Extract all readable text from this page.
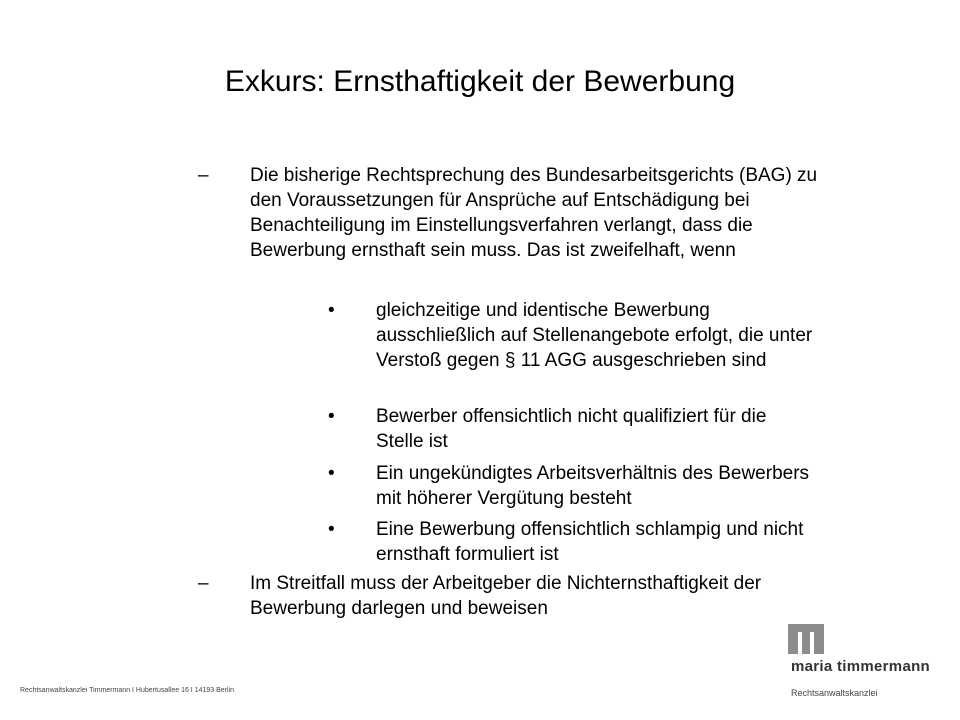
Exkurs: Ernsthaftigkeit der Bewerbung
– Die bisherige Rechtsprechung des Bundesarbeitsgerichts (BAG) zu den Voraussetzungen für Ansprüche auf Entschädigung bei Benachteiligung im Einstellungsverfahren verlangt, dass die Bewerbung ernsthaft sein muss. Das ist zweifelhaft, wenn
• gleichzeitige und identische Bewerbung ausschließlich auf Stellenangebote erfolgt, die unter Verstoß gegen § 11 AGG ausgeschrieben sind
• Bewerber offensichtlich nicht qualifiziert für die Stelle ist
• Ein ungekündigtes Arbeitsverhältnis des Bewerbers mit höherer Vergütung besteht
• Eine Bewerbung offensichtlich schlampig und nicht ernsthaft formuliert ist
– Im Streitfall muss der Arbeitgeber die Nichternsthaftigkeit der Bewerbung darlegen und beweisen
maria timmermann
Rechtsanwaltskanzlei Timmermann I Hubertusallee 16 I 14193 Berlin	Rechtsanwaltskanzlei
